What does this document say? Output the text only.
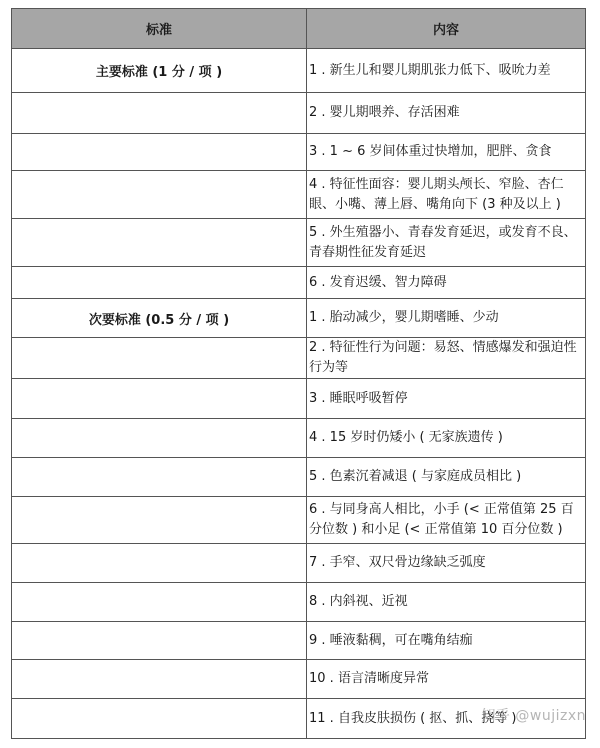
标准	内容
主要标准 (1 分 / 项 )	1 . 新生儿和婴儿期肌张力低下、吸吮力差
	2 . 婴儿期喂养、存活困难
	3 . 1 ~ 6 岁间体重过快增加，肥胖、贪食
	4 . 特征性面容：婴儿期头颅长、窄脸、杏仁眼、小嘴、薄上唇、嘴角向下 (3 种及以上 )
	5 . 外生殖器小、青春发育延迟，或发育不良、青春期性征发育延迟
	6 . 发育迟缓、智力障碍
次要标准 (0.5 分 / 项 )	1 . 胎动减少，婴儿期嗜睡、少动
	2 . 特征性行为问题：易怒、情感爆发和强迫性行为等
	3 . 睡眠呼吸暂停
	4 . 15 岁时仍矮小 ( 无家族遗传 )
	5 . 色素沉着减退 ( 与家庭成员相比 )
	6 . 与同身高人相比，小手 (< 正常值第 25 百分位数 ) 和小足 (< 正常值第 10 百分位数 )
	7 . 手窄、双尺骨边缘缺乏弧度
	8 . 内斜视、近视
	9 . 唾液黏稠，可在嘴角结痂
	10 . 语言清晰度异常
	11 . 自我皮肤损伤 ( 抠、抓、挠等 )
知乎 @wujizxn
